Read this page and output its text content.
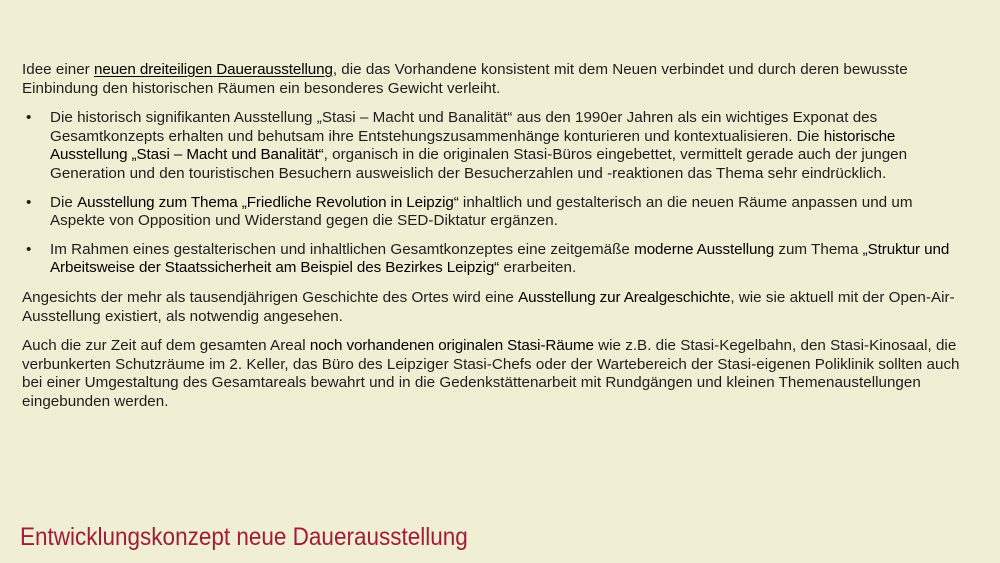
Idee einer neuen dreiteiligen Dauerausstellung, die das Vorhandene konsistent mit dem Neuen verbindet und durch deren bewusste Einbindung den historischen Räumen ein besonderes Gewicht verleiht.

• Die historisch signifikanten Ausstellung „Stasi – Macht und Banalität“ aus den 1990er Jahren als ein wichtiges Exponat des Gesamtkonzepts erhalten und behutsam ihre Entstehungszusammenhänge konturieren und kontextualisieren. Die historische Ausstellung „Stasi – Macht und Banalität“, organisch in die originalen Stasi-Büros eingebettet, vermittelt gerade auch der jungen Generation und den touristischen Besuchern ausweislich der Besucherzahlen und -reaktionen das Thema sehr eindrücklich.
• Die Ausstellung zum Thema „Friedliche Revolution in Leipzig“ inhaltlich und gestalterisch an die neuen Räume anpassen und um Aspekte von Opposition und Widerstand gegen die SED-Diktatur ergänzen.
• Im Rahmen eines gestalterischen und inhaltlichen Gesamtkonzeptes eine zeitgemäße moderne Ausstellung zum Thema „Struktur und Arbeitsweise der Staatssicherheit am Beispiel des Bezirkes Leipzig“ erarbeiten.

Angesichts der mehr als tausendjährigen Geschichte des Ortes wird eine Ausstellung zur Arealgeschichte, wie sie aktuell mit der Open-Air-Ausstellung existiert, als notwendig angesehen.

Auch die zur Zeit auf dem gesamten Areal noch vorhandenen originalen Stasi-Räume wie z.B. die Stasi-Kegelbahn, den Stasi-Kinosaal, die verbunkerten Schutzräume im 2. Keller, das Büro des Leipziger Stasi-Chefs oder der Wartebereich der Stasi-eigenen Poliklinik sollten auch bei einer Umgestaltung des Gesamtareals bewahrt und in die Gedenkstättenarbeit mit Rundgängen und kleinen Themenaustellungen eingebunden werden.

Entwicklungskonzept neue Dauerausstellung
